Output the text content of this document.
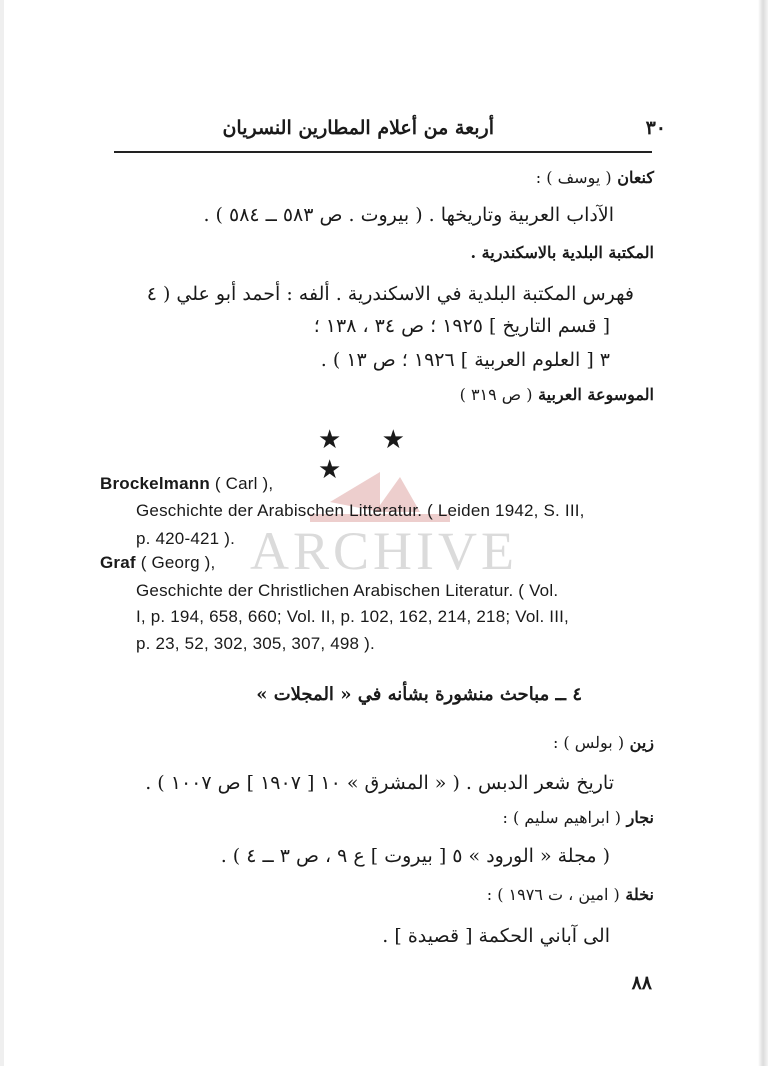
٣٠
أربعة من أعلام المطارين النسريان
كنعان ( يوسف ) :
الآداب العربية وتاريخها . ( بيروت . ص ٥٨٣ ــ ٥٨٤ ) .
المكتبة البلدية بالاسكندرية .
فهرس المكتبة البلدية في الاسكندرية . ألفه : أحمد أبو علي ( ٤
[ قسم التاريخ ] ١٩٢٥ ؛ ص ٣٤ ، ١٣٨ ؛
٣ [ العلوم العربية ] ١٩٢٦ ؛ ص ١٣ ) .
الموسوعة العربية ( ص ٣١٩ )
★ ★ ★
ARCHIVE
Brockelmann ( Carl ),
Geschichte der Arabischen Litteratur. ( Leiden 1942, S. III,
p. 420-421 ).
Graf ( Georg ),
Geschichte der Christlichen Arabischen Literatur. ( Vol.
I, p. 194, 658, 660; Vol. II, p. 102, 162, 214, 218; Vol. III,
p. 23, 52, 302, 305, 307, 498 ).
٤ ــ مباحث منشورة بشأنه في « المجلات »
زين ( بولس ) :
تاريخ شعر الدبس . ( « المشرق » ١٠ [ ١٩٠٧ ] ص ١٠٠٧ ) .
نجار ( ابراهيم سليم ) :
( مجلة « الورود » ٥ [ بيروت ] ع ٩ ، ص ٣ ــ ٤ ) .
نخلة ( امين ، ت ١٩٧٦ ) :
الى آباني الحكمة [ قصيدة ] .
٨٨
